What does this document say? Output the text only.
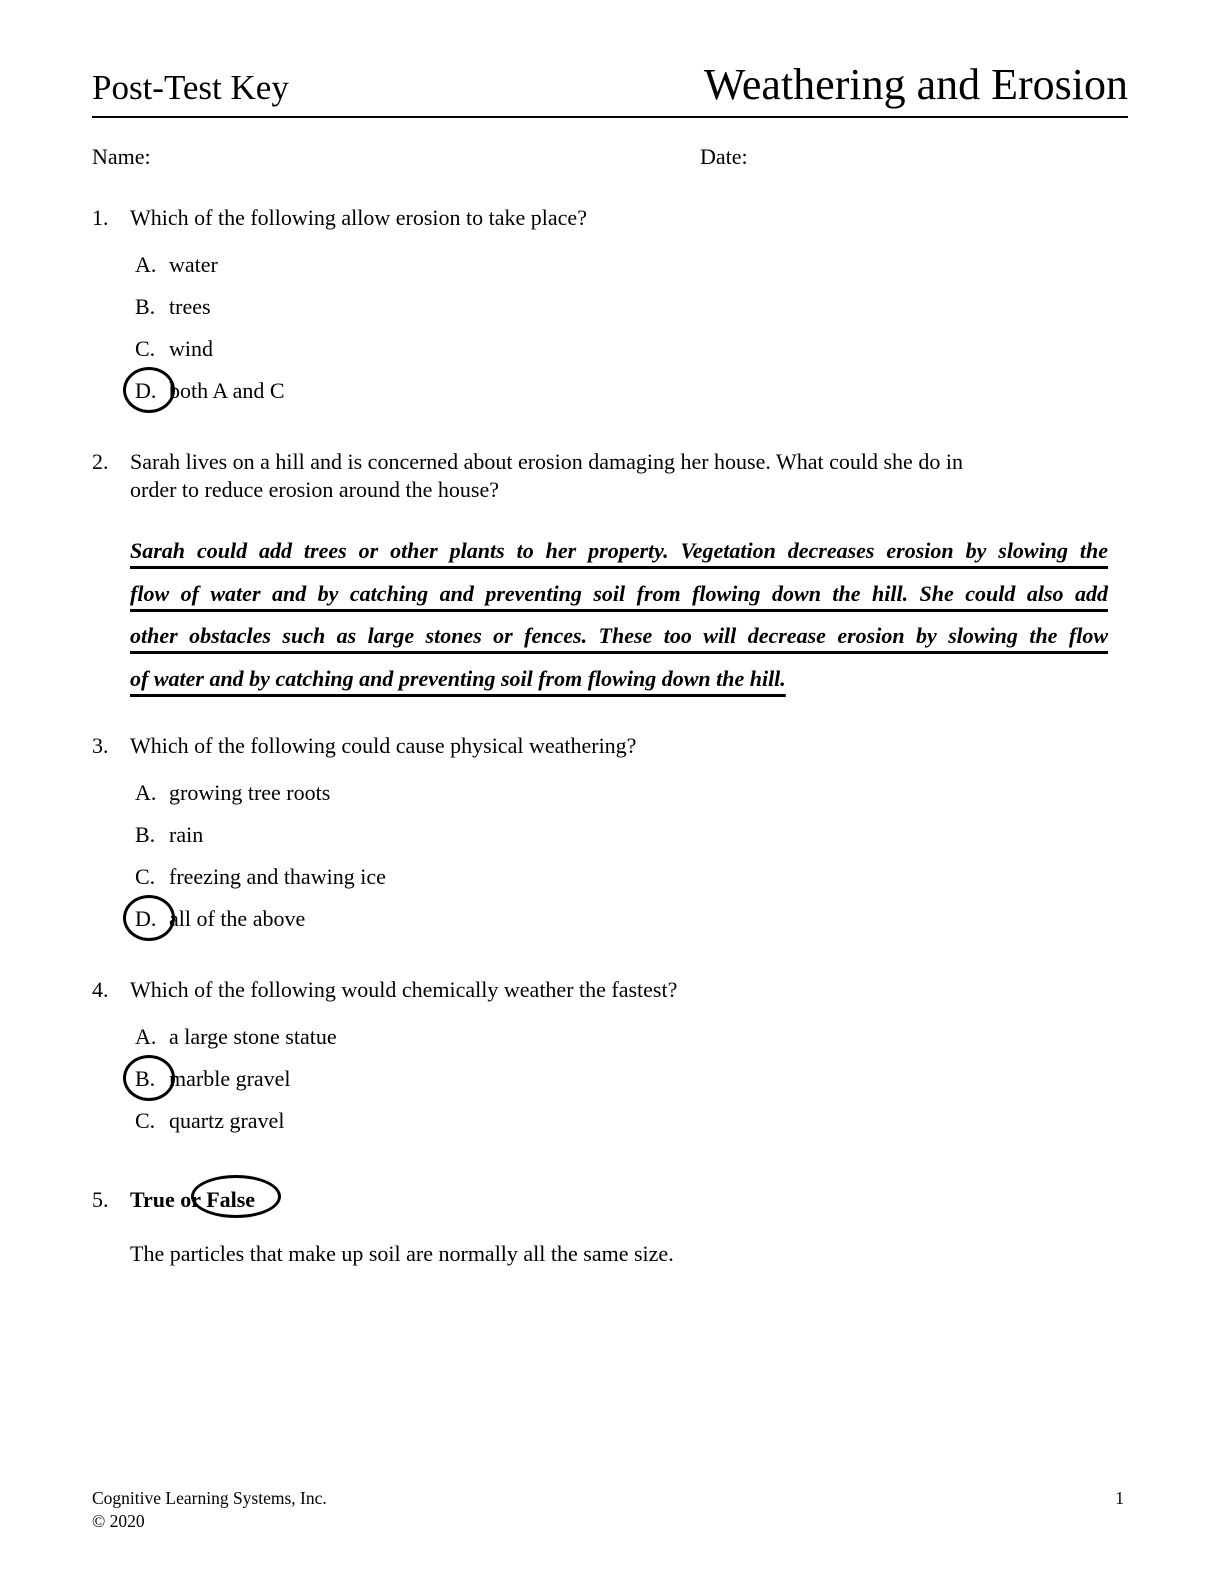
Post-Test Key	Weathering and Erosion
Name:	Date:
1. Which of the following allow erosion to take place?
A. water
B. trees
C. wind
D. both A and C
2. Sarah lives on a hill and is concerned about erosion damaging her house. What could she do in
order to reduce erosion around the house?
Sarah could add trees or other plants to her property. Vegetation decreases erosion by slowing the
flow of water and by catching and preventing soil from flowing down the hill. She could also add
other obstacles such as large stones or fences. These too will decrease erosion by slowing the flow
of water and by catching and preventing soil from flowing down the hill.
3. Which of the following could cause physical weathering?
A. growing tree roots
B. rain
C. freezing and thawing ice
D. all of the above
4. Which of the following would chemically weather the fastest?
A. a large stone statue
B. marble gravel
C. quartz gravel
5. True or False
The particles that make up soil are normally all the same size.
Cognitive Learning Systems, Inc.
© 2020
1
